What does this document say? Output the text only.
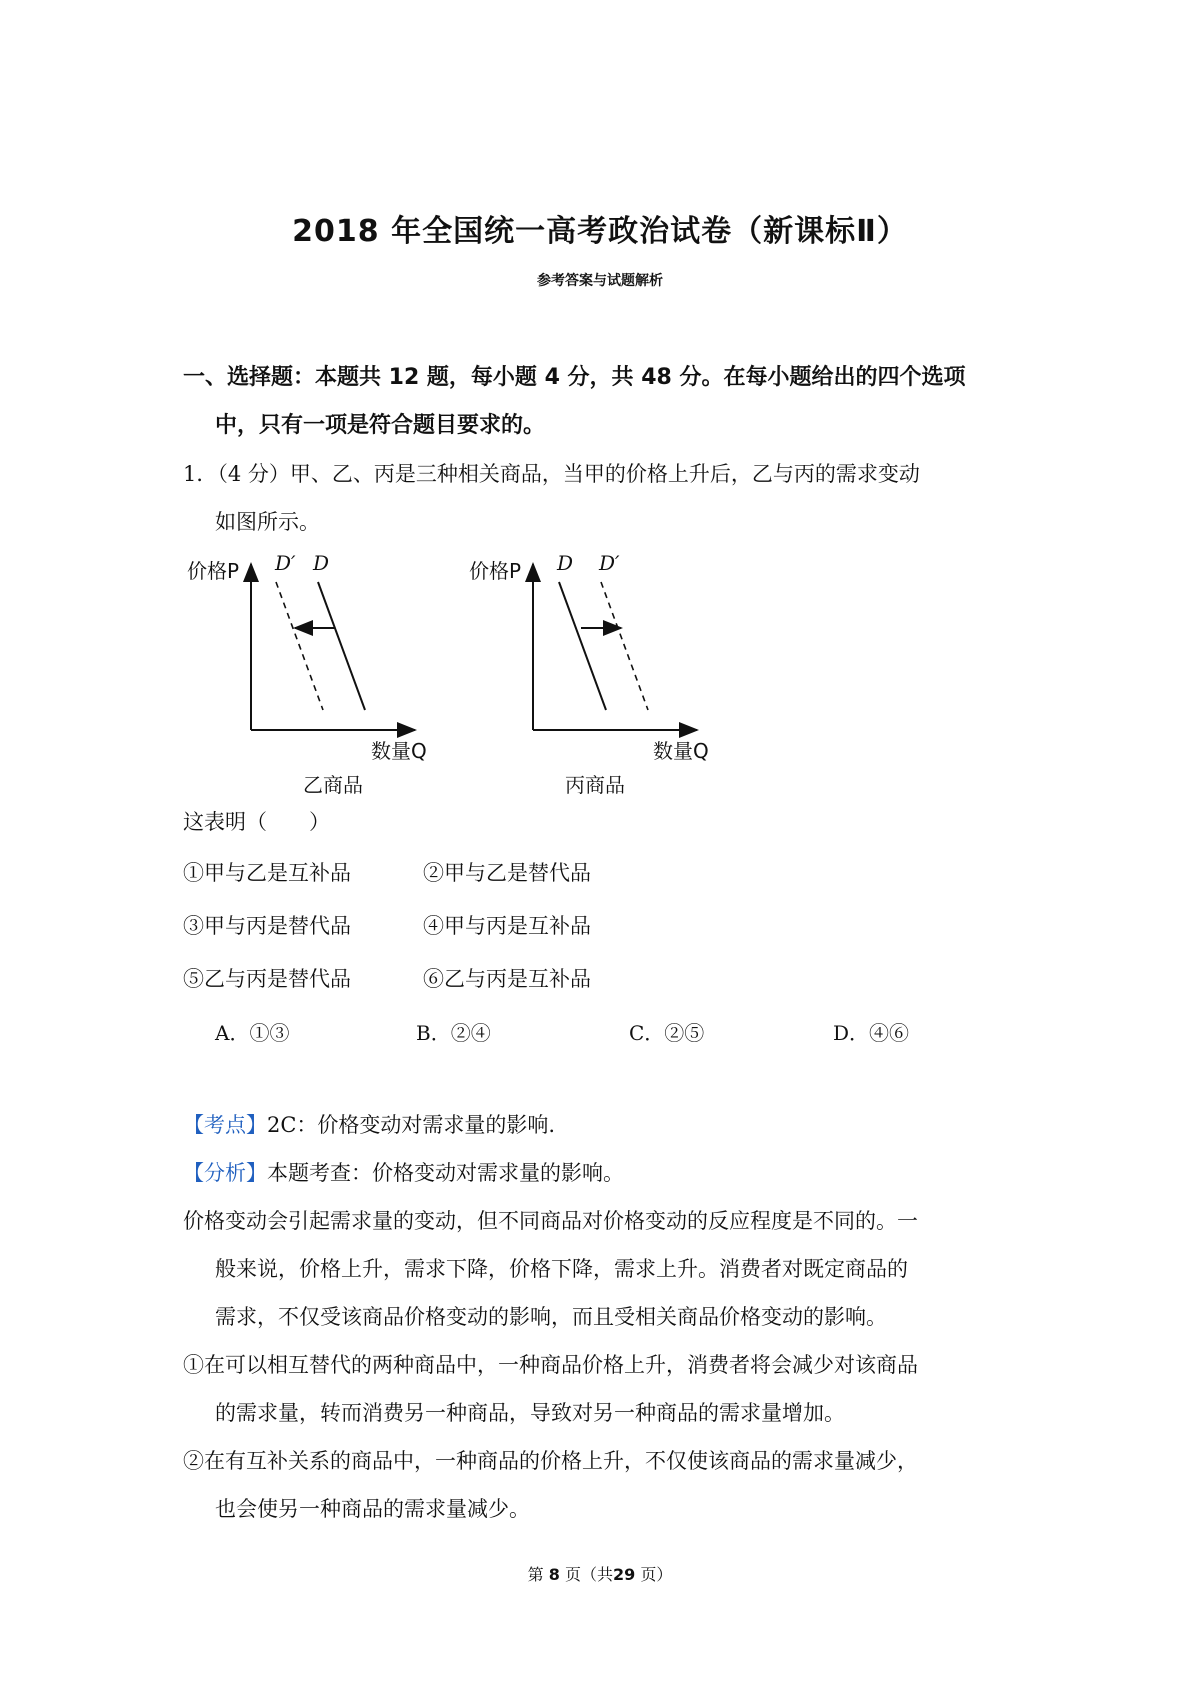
2018 年全国统一高考政治试卷（新课标Ⅱ）
参考答案与试题解析
一、选择题：本题共 12 题，每小题 4 分，共 48 分。在每小题给出的四个选项
中，只有一项是符合题目要求的。
1．（4 分）甲、乙、丙是三种相关商品，当甲的价格上升后，乙与丙的需求变动
如图所示。
价格P D′ D
数量Q
乙商品
价格P D D′
数量Q
丙商品
这表明（　　）
①甲与乙是互补品	②甲与乙是替代品
③甲与丙是替代品	④甲与丙是互补品
⑤乙与丙是替代品	⑥乙与丙是互补品
A．①③	B．②④	C．②⑤	D．④⑥
【考点】2C：价格变动对需求量的影响.
【分析】本题考查：价格变动对需求量的影响。
价格变动会引起需求量的变动，但不同商品对价格变动的反应程度是不同的。一
般来说，价格上升，需求下降，价格下降，需求上升。消费者对既定商品的
需求，不仅受该商品价格变动的影响，而且受相关商品价格变动的影响。
①在可以相互替代的两种商品中，一种商品价格上升，消费者将会减少对该商品
的需求量，转而消费另一种商品，导致对另一种商品的需求量增加。
②在有互补关系的商品中，一种商品的价格上升，不仅使该商品的需求量减少，
也会使另一种商品的需求量减少。
第 8 页（共29 页）
